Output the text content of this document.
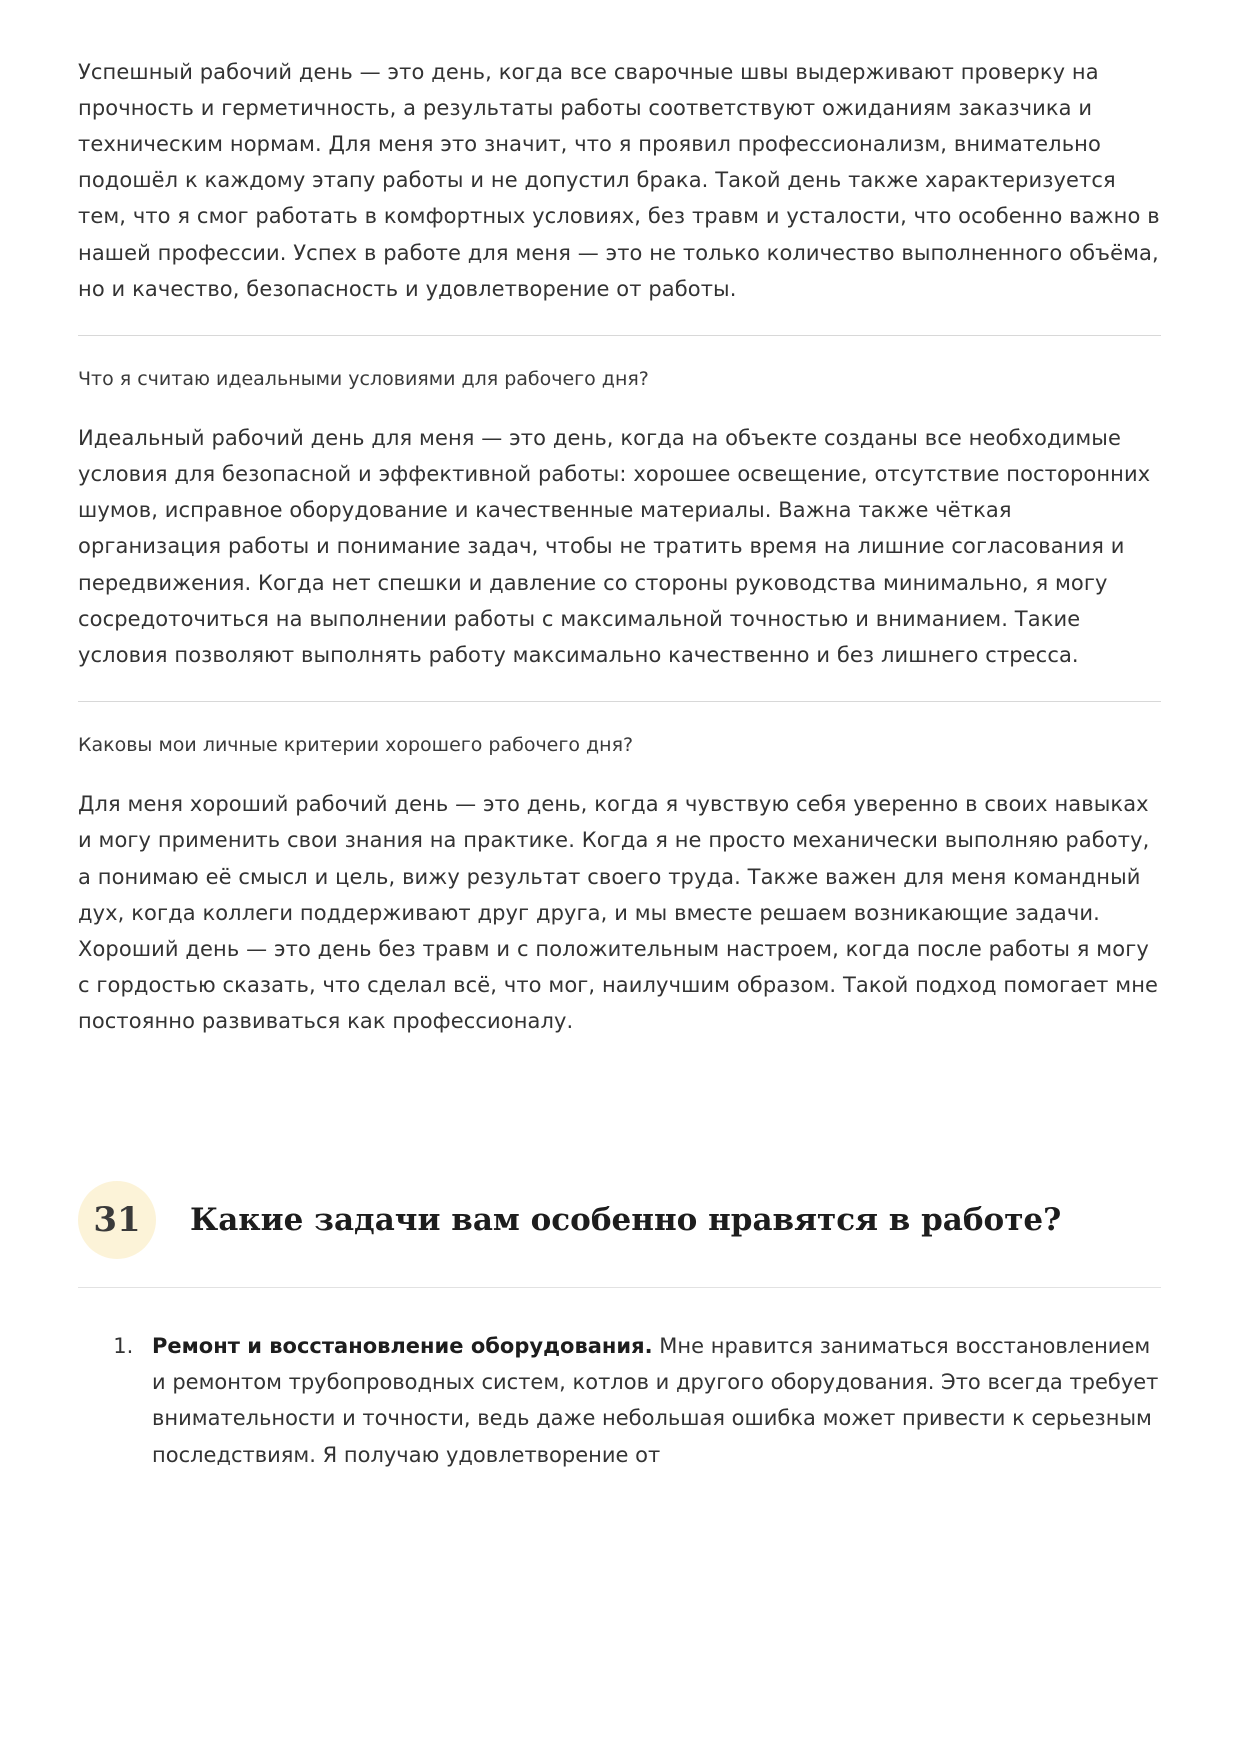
Успешный рабочий день — это день, когда все сварочные швы выдерживают проверку на прочность и герметичность, а результаты работы соответствуют ожиданиям заказчика и техническим нормам. Для меня это значит, что я проявил профессионализм, внимательно подошёл к каждому этапу работы и не допустил брака. Такой день также характеризуется тем, что я смог работать в комфортных условиях, без травм и усталости, что особенно важно в нашей профессии. Успех в работе для меня — это не только количество выполненного объёма, но и качество, безопасность и удовлетворение от работы.

Что я считаю идеальными условиями для рабочего дня?

Идеальный рабочий день для меня — это день, когда на объекте созданы все необходимые условия для безопасной и эффективной работы: хорошее освещение, отсутствие посторонних шумов, исправное оборудование и качественные материалы. Важна также чёткая организация работы и понимание задач, чтобы не тратить время на лишние согласования и передвижения. Когда нет спешки и давление со стороны руководства минимально, я могу сосредоточиться на выполнении работы с максимальной точностью и вниманием. Такие условия позволяют выполнять работу максимально качественно и без лишнего стресса.

Каковы мои личные критерии хорошего рабочего дня?

Для меня хороший рабочий день — это день, когда я чувствую себя уверенно в своих навыках и могу применить свои знания на практике. Когда я не просто механически выполняю работу, а понимаю её смысл и цель, вижу результат своего труда. Также важен для меня командный дух, когда коллеги поддерживают друг друга, и мы вместе решаем возникающие задачи. Хороший день — это день без травм и с положительным настроем, когда после работы я могу с гордостью сказать, что сделал всё, что мог, наилучшим образом. Такой подход помогает мне постоянно развиваться как профессионалу.

31	Какие задачи вам особенно нравятся в работе?
1. Ремонт и восстановление оборудования. Мне нравится заниматься восстановлением и ремонтом трубопроводных систем, котлов и другого оборудования. Это всегда требует внимательности и точности, ведь даже небольшая ошибка может привести к серьезным последствиям. Я получаю удовлетворение от
